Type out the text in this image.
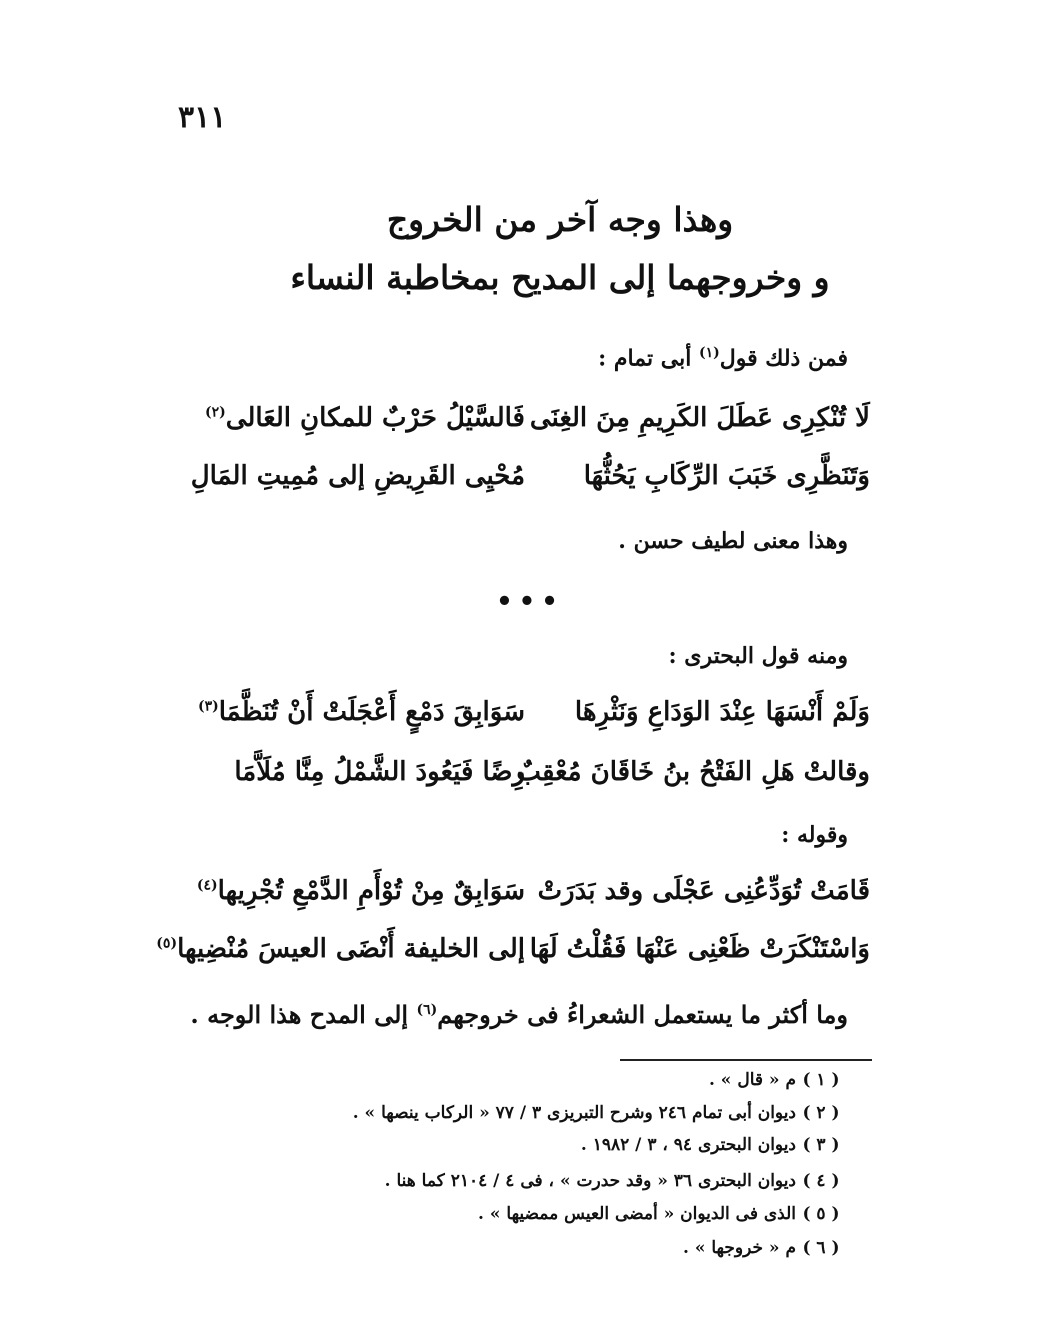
٣١١
وهذا وجه آخر من الخروج
و وخروجهما إلى المديح بمخاطبة النساء
فمن ذلك قول$^{(١)}$ أبى تمام :
لَا تُنْكِرِى عَطَلَ الكَرِيمِ مِنَ الغِنَى
فَالسَّيْلُ حَرْبٌ للمكانِ العَالى$^{(٢)}$
وَتَنَظَّرِى خَبَبَ الرِّكَابِ يَحُثُّهَا
مُحْيِى القَرِيضِ إلى مُمِيتِ المَالِ
وهذا معنى لطيف حسن .
•••
ومنه قول البحترى :
وَلَمْ أَنْسَهَا عِنْدَ الوَدَاعِ وَنَثْرِهَا
سَوَابِقَ دَمْعٍ أَعْجَلَتْ أَنْ تُنَظَّمَا$^{(٣)}$
وقالتْ هَلِ الفَتْحُ بنُ خَاقَانَ مُعْقِبٌ
رِضًا فَيَعُودَ الشَّمْلُ مِنَّا مُلَاَّمَا
وقوله :
قَامَتْ تُوَدِّعُنِى عَجْلَى وقد بَدَرَتْ
سَوَابِقٌ مِنْ تُوْأَمِ الدَّمْعِ تُجْرِيها$^{(٤)}$
وَاسْتَنْكَرَتْ ظَعْنِى عَنْهَا فَقُلْتُ لَهَا
إلى الخليفة أَنْضَى العيسَ مُنْضِيها$^{(٥)}$
وما أكثر ما يستعمل الشعراءُ فى خروجهم$^{(٦)}$ إلى المدح هذا الوجه .
( ١ )م « قال » .
( ٢ )ديوان أبى تمام ٢٤٦ وشرح التبريزى ٣ / ٧٧ « الركاب ينصها » .
( ٣ )ديوان البحترى ٩٤ ، ٣ / ١٩٨٢ .
( ٤ )ديوان البحترى ٣٦ « وقد حدرت » ، فى ٤ / ٢١٠٤ كما هنا .
( ٥ )الذى فى الديوان « أمضى العيس ممضيها » .
( ٦ )م « خروجها » .
